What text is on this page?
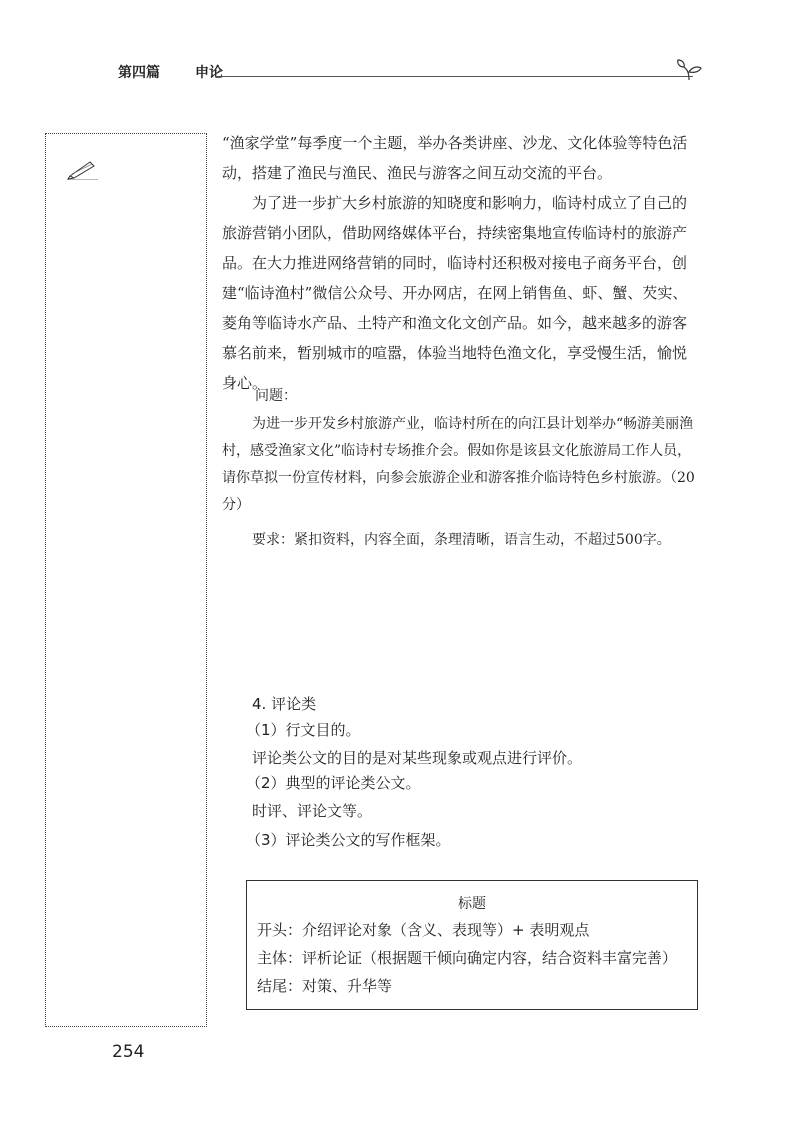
第四篇	申论

“渔家学堂”每季度一个主题，举办各类讲座、沙龙、文化体验等特色活动，搭建了渔民与渔民、渔民与游客之间互动交流的平台。

为了进一步扩大乡村旅游的知晓度和影响力，临诗村成立了自己的旅游营销小团队，借助网络媒体平台，持续密集地宣传临诗村的旅游产品。在大力推进网络营销的同时，临诗村还积极对接电子商务平台，创建“临诗渔村”微信公众号、开办网店，在网上销售鱼、虾、蟹、芡实、菱角等临诗水产品、土特产和渔文化文创产品。如今，越来越多的游客慕名前来，暂别城市的喧嚣，体验当地特色渔文化，享受慢生活，愉悦身心。

问题：

为进一步开发乡村旅游产业，临诗村所在的向江县计划举办“畅游美丽渔村，感受渔家文化”临诗村专场推介会。假如你是该县文化旅游局工作人员，请你草拟一份宣传材料，向参会旅游企业和游客推介临诗特色乡村旅游。（20分）

要求：紧扣资料，内容全面，条理清晰，语言生动，不超过500字。
4. 评论类
（1）行文目的。
评论类公文的目的是对某些现象或观点进行评价。
（2）典型的评论类公文。
时评、评论文等。
（3）评论类公文的写作框架。
标题
开头：介绍评论对象（含义、表现等）+ 表明观点
主体：评析论证（根据题干倾向确定内容，结合资料丰富完善）
结尾：对策、升华等
254
